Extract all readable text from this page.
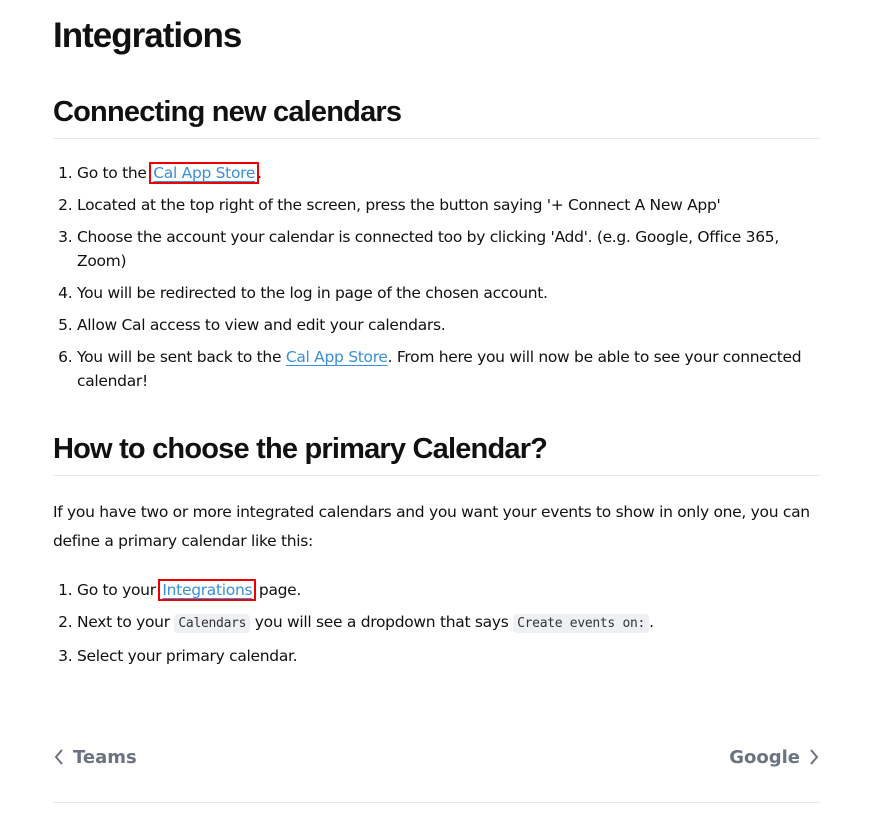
Integrations
Connecting new calendars
1. Go to the Cal App Store .
2. Located at the top right of the screen, press the button saying '+ Connect A New App'
3. Choose the account your calendar is connected too by clicking 'Add'. (e.g. Google, Office 365, Zoom)
4. You will be redirected to the log in page of the chosen account.
5. Allow Cal access to view and edit your calendars.
6. You will be sent back to the Cal App Store. From here you will now be able to see your connected calendar!
How to choose the primary Calendar?

If you have two or more integrated calendars and you want your events to show in only one, you can define a primary calendar like this:

1. Go to your Integrations page.
2. Next to your Calendars you will see a dropdown that says Create events on: .
3. Select your primary calendar.
Teams	Google
